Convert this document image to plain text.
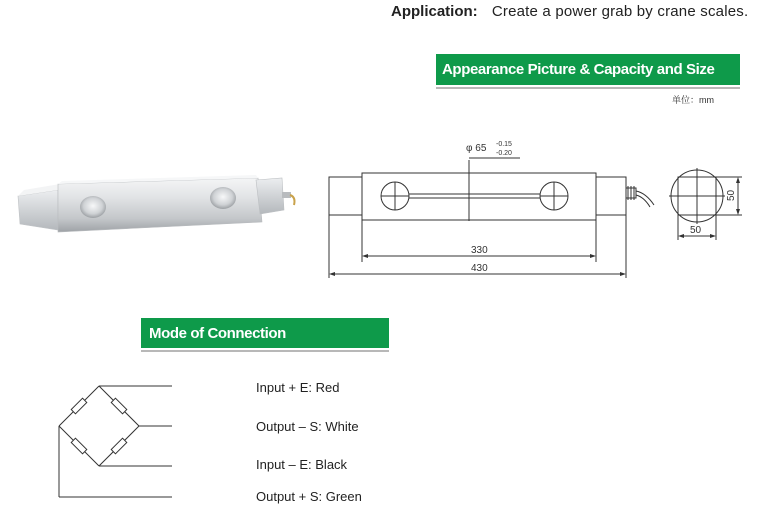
Application: Create a power grab by crane scales.
Appearance Picture & Capacity and Size
单位：mm
Mode of Connection
φ 65 -0.15
-0.20
330
430
50
50
Input + E: Red
Output – S: White
Input – E: Black
Output + S: Green
